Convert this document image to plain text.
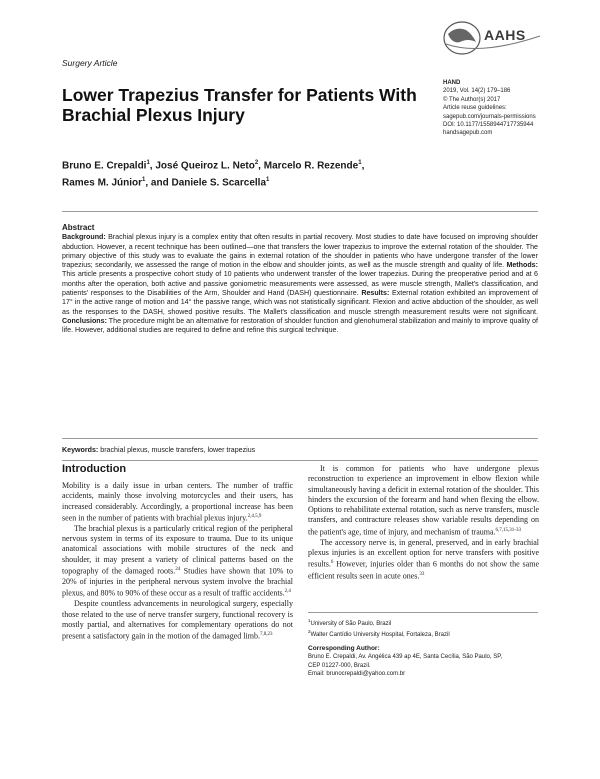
Surgery Article
AAHS
HAND
2019, Vol. 14(2) 179–186
© The Author(s) 2017
Article reuse guidelines:
sagepub.com/journals-permissions
DOI: 10.1177/1558944717735944
handsagepub.com
Lower Trapezius Transfer for Patients With Brachial Plexus Injury
Bruno E. Crepaldi$^1$, José Queiroz L. Neto$^2$, Marcelo R. Rezende$^1$,
Rames M. Júnior$^1$, and Daniele S. Scarcella$^1$
Abstract
Background: Brachial plexus injury is a complex entity that often results in partial recovery. Most studies to date have focused on improving shoulder abduction. However, a recent technique has been outlined—one that transfers the lower trapezius to improve the external rotation of the shoulder. The primary objective of this study was to evaluate the gains in external rotation of the shoulder in patients who have undergone transfer of the lower trapezius; secondarily, we assessed the range of motion in the elbow and shoulder joints, as well as the muscle strength and quality of life. Methods: This article presents a prospective cohort study of 10 patients who underwent transfer of the lower trapezius. During the preoperative period and at 6 months after the operation, both active and passive goniometric measurements were assessed, as were muscle strength, Mallet's classification, and patients' responses to the Disabilities of the Arm, Shoulder and Hand (DASH) questionnaire. Results: External rotation exhibited an improvement of 17° in the active range of motion and 14° the passive range, which was not statistically significant. Flexion and active abduction of the shoulder, as well as the responses to the DASH, showed positive results. The Mallet's classification and muscle strength measurement results were not significant. Conclusions: The procedure might be an alternative for restoration of shoulder function and glenohumeral stabilization and mainly to improve quality of life. However, additional studies are required to define and refine this surgical technique.
Keywords: brachial plexus, muscle transfers, lower trapezius
Introduction

Mobility is a daily issue in urban centers. The number of traffic accidents, mainly those involving motorcycles and their users, has increased considerably. Accordingly, a proportional increase has been seen in the number of patients with brachial plexus injury.$^{2,4,5,9}$

The brachial plexus is a particularly critical region of the peripheral nervous system in terms of its exposure to trauma. Due to its unique anatomical associations with mobile structures of the neck and shoulder, it may present a variety of clinical patterns based on the topography of the damaged roots.$^{24}$ Studies have shown that 10% to 20% of injuries in the peripheral nervous system involve the brachial plexus, and 80% to 90% of these occur as a result of traffic accidents.$^{2,4}$

Despite countless advancements in neurological surgery, especially those related to the use of nerve transfer surgery, functional recovery is mostly partial, and alternatives for complementary operations do not present a satisfactory gain in the motion of the damaged limb.$^{7,8,23}$

It is common for patients who have undergone plexus reconstruction to experience an improvement in elbow flexion while simultaneously having a deficit in external rotation of the shoulder. This hinders the excursion of the forearm and hand when flexing the elbow. Options to rehabilitate external rotation, such as nerve transfers, muscle transfers, and contracture releases show variable results depending on the patient's age, time of injury, and mechanism of trauma.$^{6,7,15,31-33}$

The accessory nerve is, in general, preserved, and in early brachial plexus injuries is an excellent option for nerve transfers with positive results.$^6$ However, injuries older than 6 months do not show the same efficient results seen in acute ones.$^{33}$

$^1$University of São Paulo, Brazil
$^2$Walter Cantídio University Hospital, Fortaleza, Brazil
Corresponding Author:
Bruno E. Crepaldi, Av. Angélica 439 ap 4E, Santa Cecília, São Paulo, SP,
CEP 01227-000, Brazil.
Email: brunocrepaldi@yahoo.com.br
